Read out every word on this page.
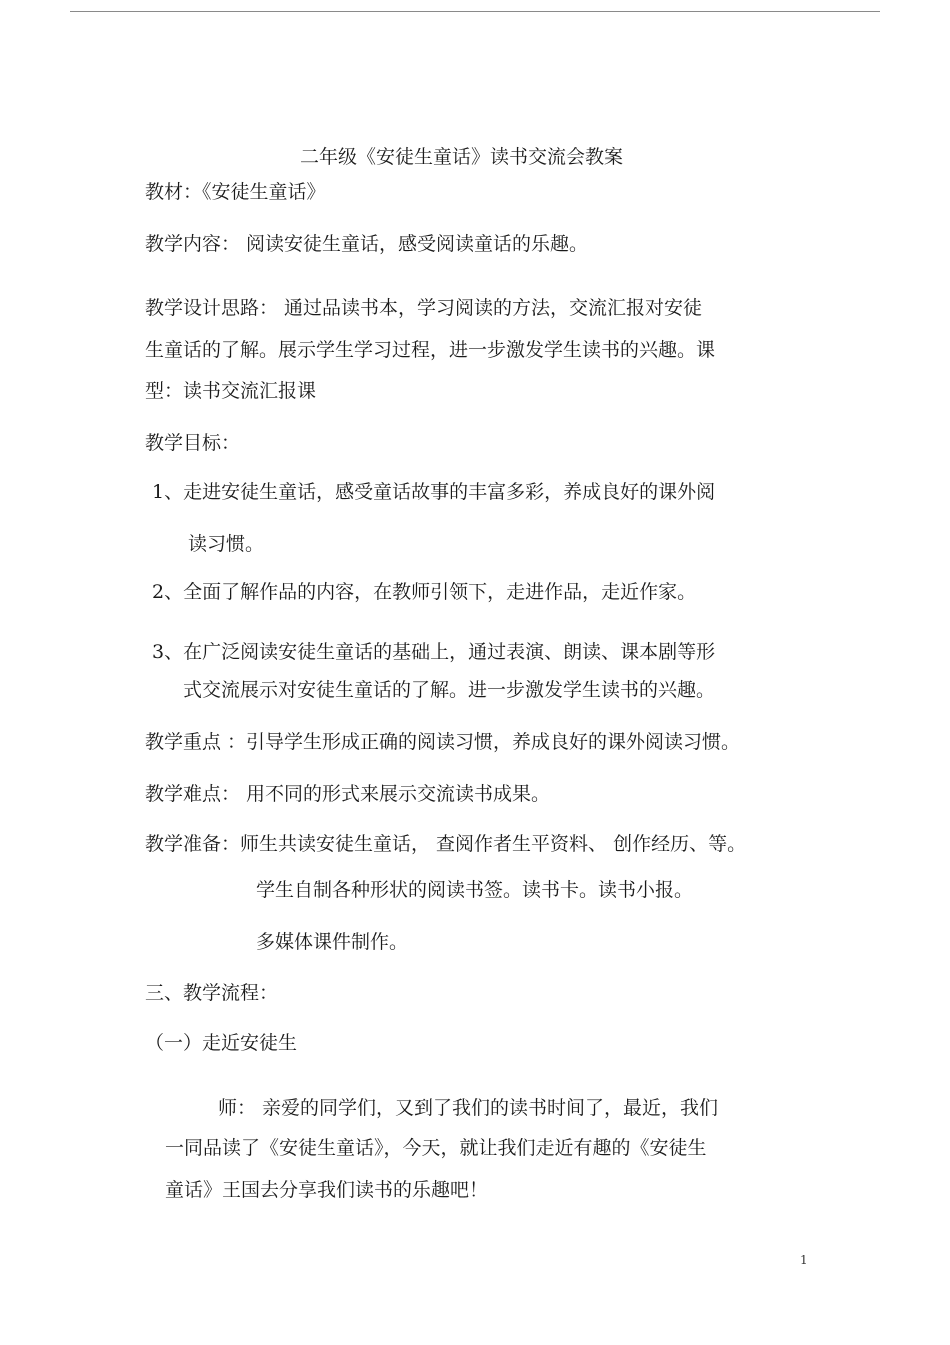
二年级《安徒生童话》读书交流会教案
教材：《安徒生童话》
教学内容： 阅读安徒生童话，感受阅读童话的乐趣。
教学设计思路： 通过品读书本，学习阅读的方法，交流汇报对安徒
生童话的了解。展示学生学习过程，进一步激发学生读书的兴趣。课
型：读书交流汇报课
教学目标：
1、走进安徒生童话，感受童话故事的丰富多彩，养成良好的课外阅
读习惯。
2、全面了解作品的内容，在教师引领下，走进作品，走近作家。
3、在广泛阅读安徒生童话的基础上，通过表演、朗读、课本剧等形
式交流展示对安徒生童话的了解。进一步激发学生读书的兴趣。
教学重点 ：引导学生形成正确的阅读习惯，养成良好的课外阅读习惯。
教学难点： 用不同的形式来展示交流读书成果。
教学准备：师生共读安徒生童话， 查阅作者生平资料、 创作经历、等。
学生自制各种形状的阅读书签。读书卡。读书小报。
多媒体课件制作。
三、教学流程：
（一）走近安徒生
师： 亲爱的同学们，又到了我们的读书时间了，最近，我们
一同品读了《安徒生童话》，今天，就让我们走近有趣的《安徒生
童话》王国去分享我们读书的乐趣吧！
1
